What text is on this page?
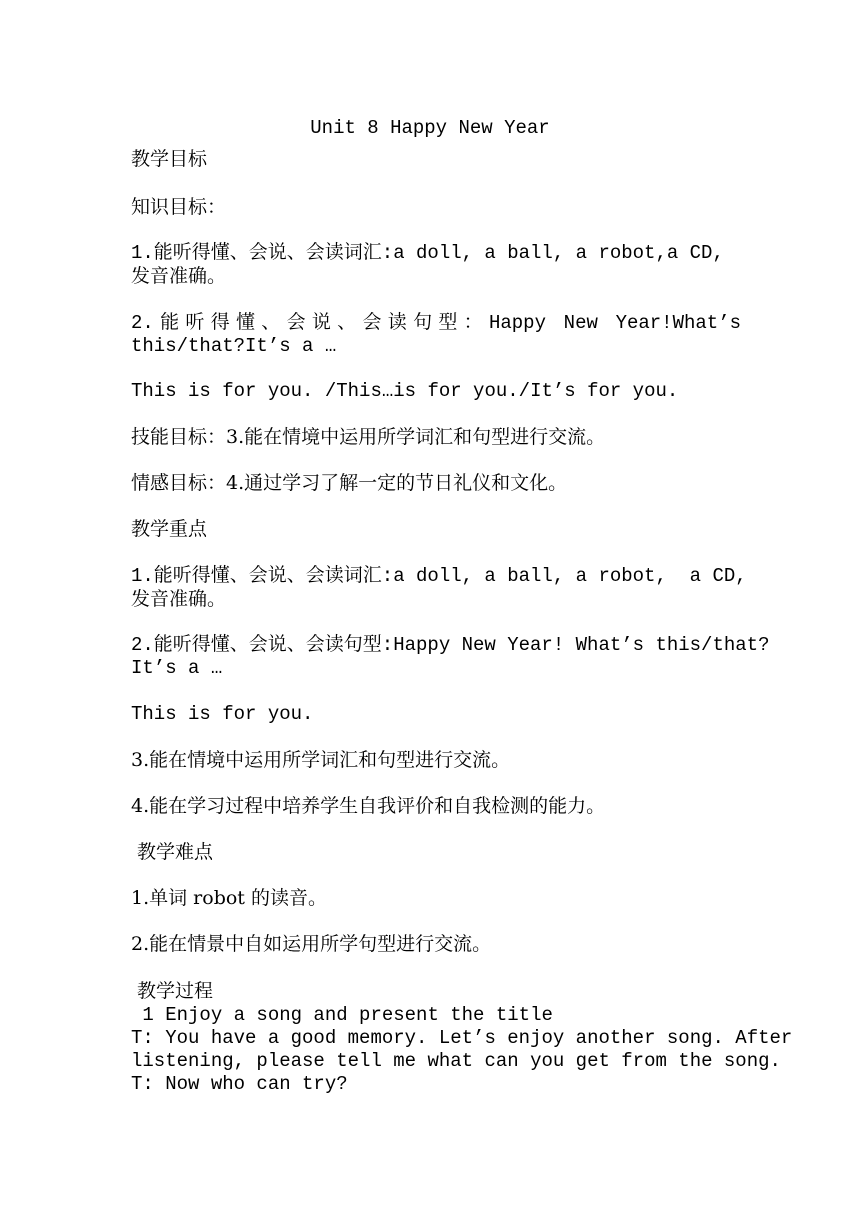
Unit 8 Happy New Year
教学目标
知识目标：
1.能听得懂、会说、会读词汇:a doll, a ball, a robot,a CD,
发音准确。
2.能听得懂、会说、会读句型：Happy New Year!What’s
this/that?It’s a …
This is for you. /This…is for you./It’s for you.
技能目标：3.能在情境中运用所学词汇和句型进行交流。
情感目标：4.通过学习了解一定的节日礼仪和文化。
教学重点
1.能听得懂、会说、会读词汇:a doll, a ball, a robot,  a CD,
发音准确。
2.能听得懂、会说、会读句型:Happy New Year! What’s this/that?
It’s a …
This is for you.
3.能在情境中运用所学词汇和句型进行交流。
4.能在学习过程中培养学生自我评价和自我检测的能力。
教学难点
1.单词 robot 的读音。
2.能在情景中自如运用所学句型进行交流。
教学过程
1 Enjoy a song and present the title
T: You have a good memory. Let’s enjoy another song. After
listening, please tell me what can you get from the song.
T: Now who can try?
